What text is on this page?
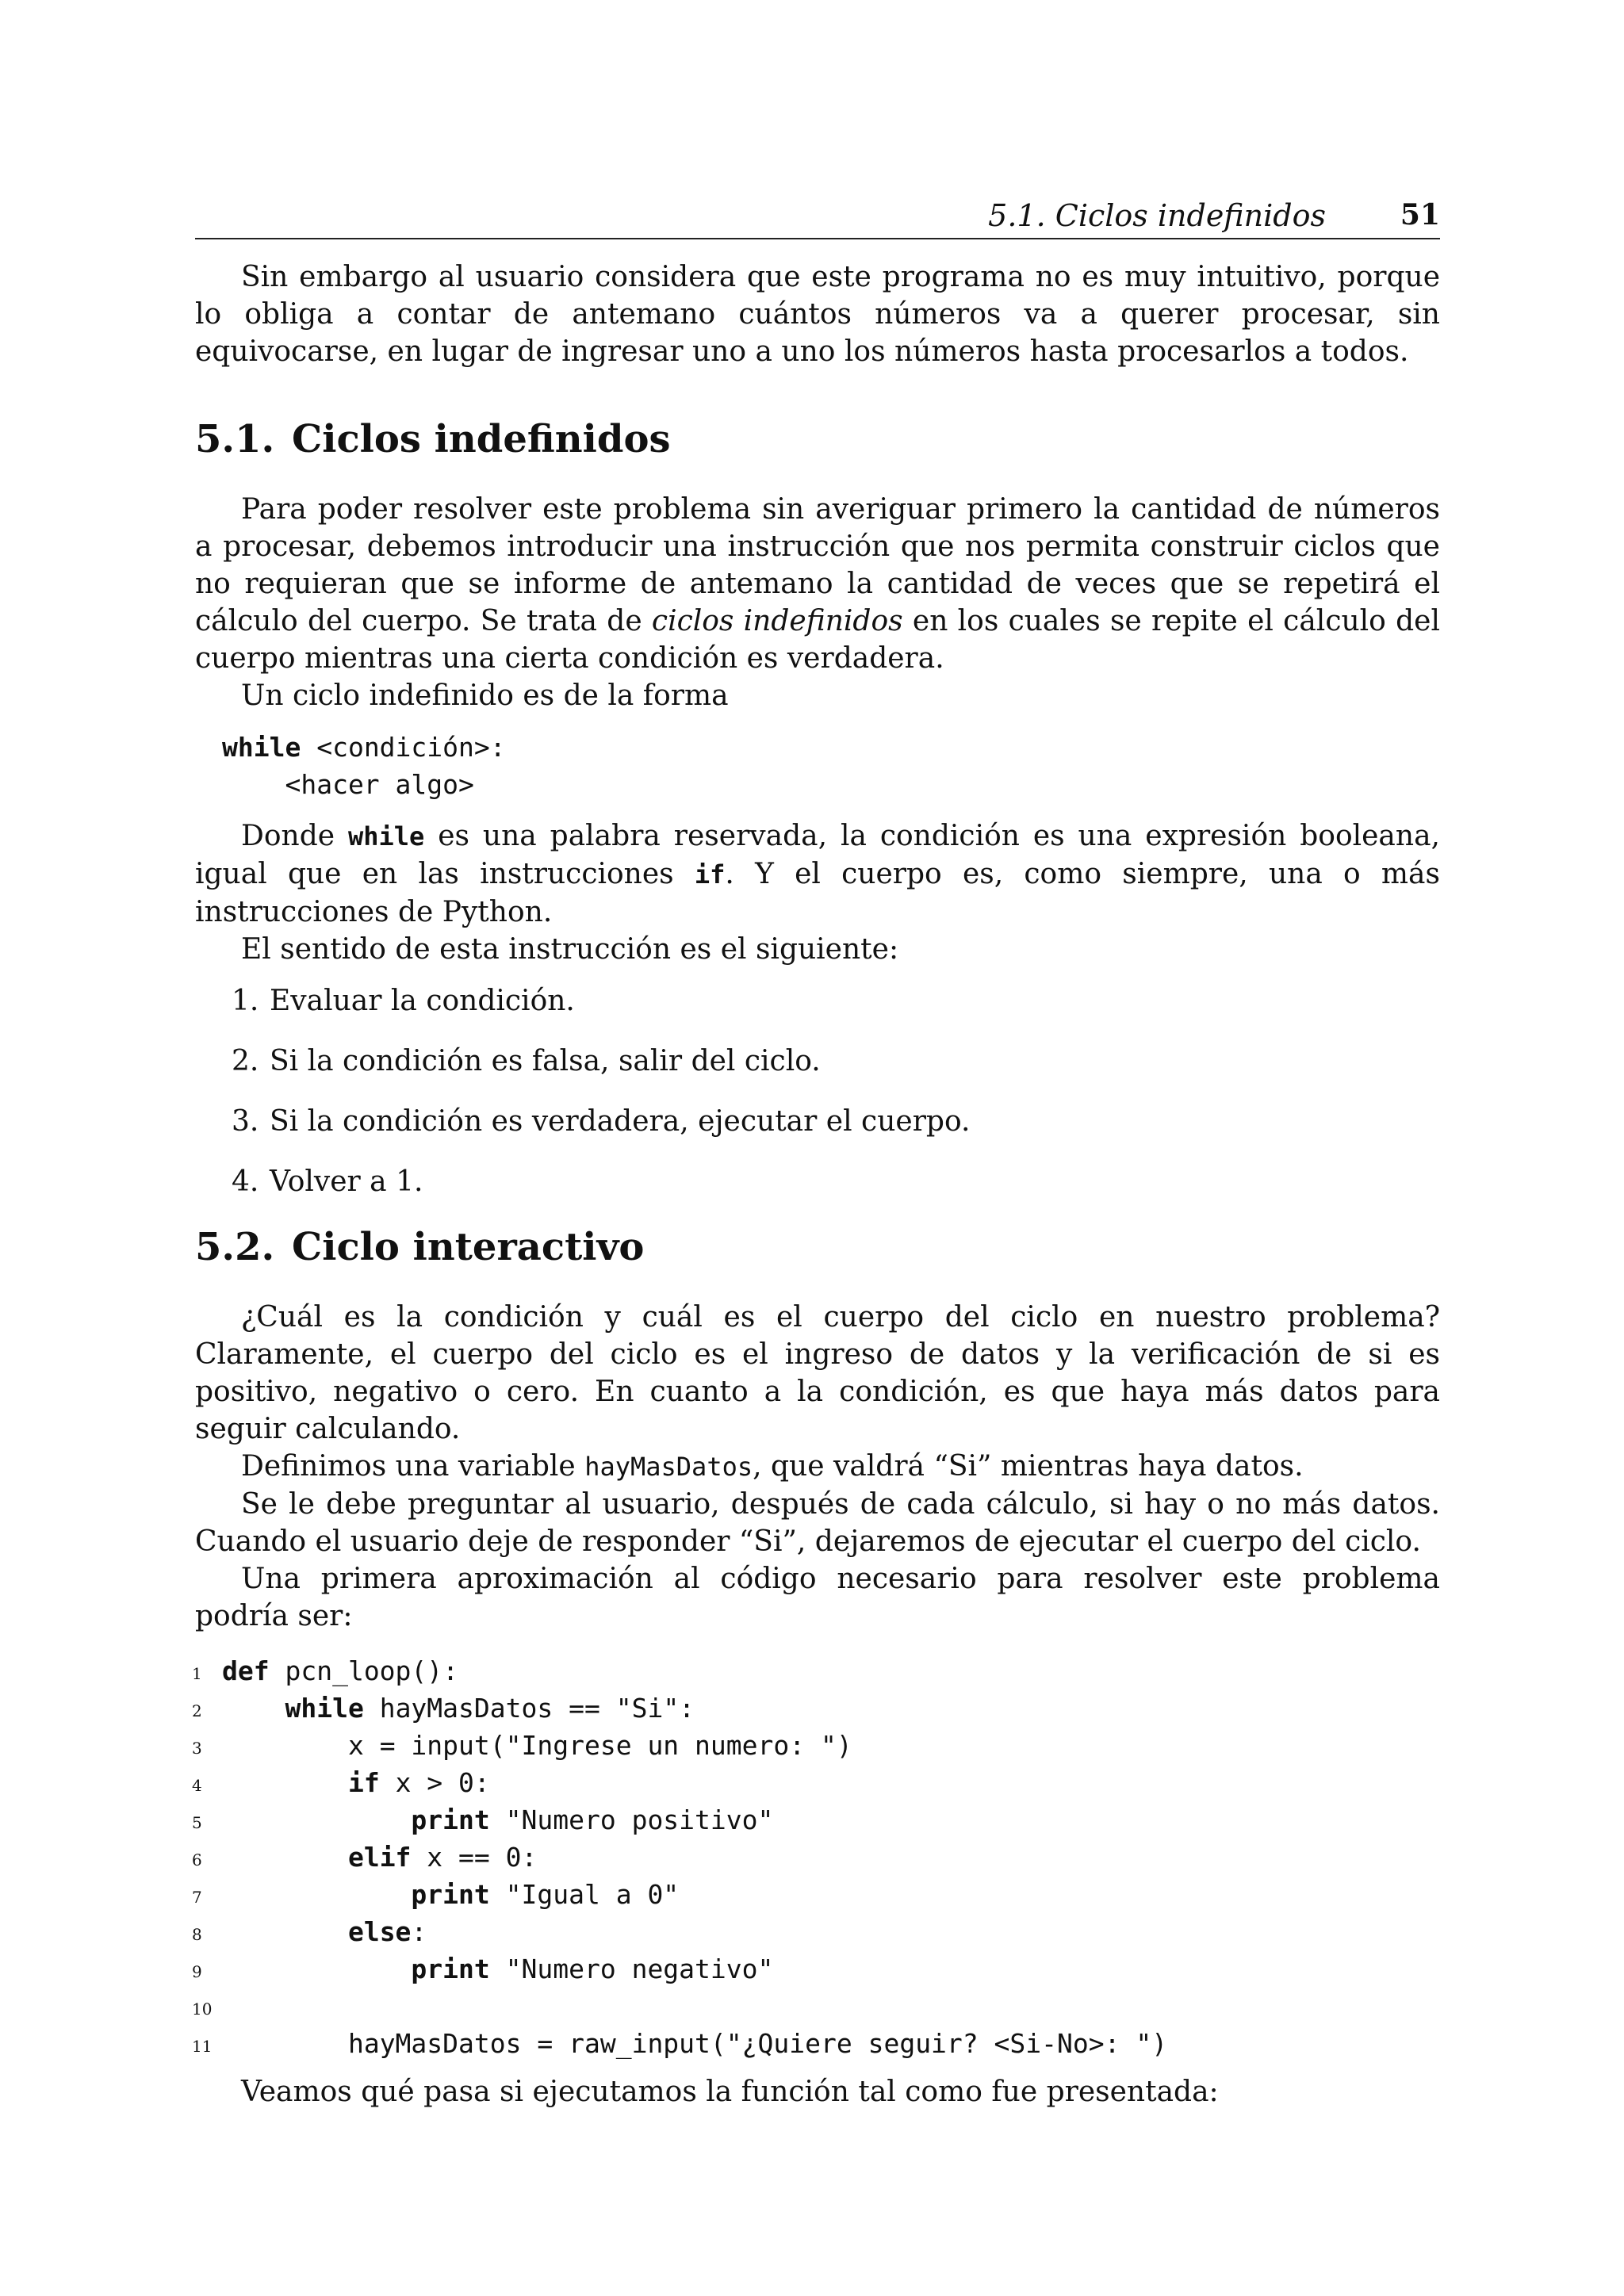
5.1. Ciclos indefinidos	51

Sin embargo al usuario considera que este programa no es muy intuitivo, porque lo obliga a contar de antemano cuántos números va a querer procesar, sin equivocarse, en lugar de ingresar uno a uno los números hasta procesarlos a todos.

5.1. Ciclos indefinidos

Para poder resolver este problema sin averiguar primero la cantidad de números a procesar, debemos introducir una instrucción que nos permita construir ciclos que no requieran que se informe de antemano la cantidad de veces que se repetirá el cálculo del cuerpo. Se trata de ciclos indefinidos en los cuales se repite el cálculo del cuerpo mientras una cierta condición es verdadera.

Un ciclo indefinido es de la forma

while <condición>:
<hacer algo>

Donde while es una palabra reservada, la condición es una expresión booleana, igual que en las instrucciones if. Y el cuerpo es, como siempre, una o más instrucciones de Python.

El sentido de esta instrucción es el siguiente:

1. Evaluar la condición.
2. Si la condición es falsa, salir del ciclo.
3. Si la condición es verdadera, ejecutar el cuerpo.
4. Volver a 1.
5.2. Ciclo interactivo

¿Cuál es la condición y cuál es el cuerpo del ciclo en nuestro problema? Claramente, el cuerpo del ciclo es el ingreso de datos y la verificación de si es positivo, negativo o cero. En cuanto a la condición, es que haya más datos para seguir calculando.

Definimos una variable hayMasDatos, que valdrá “Si” mientras haya datos.

Se le debe preguntar al usuario, después de cada cálculo, si hay o no más datos. Cuando el usuario deje de responder “Si”, dejaremos de ejecutar el cuerpo del ciclo.

Una primera aproximación al código necesario para resolver este problema podría ser:

1 def pcn_loop():
2	while hayMasDatos == "Si":
3	x = input("Ingrese un numero: ")
4	if x > 0:
5	print "Numero positivo"
6	elif x == 0:
7	print "Igual a 0"
8	else:
9	print "Numero negativo"
10
11	hayMasDatos = raw_input("¿Quiere seguir? <Si-No>: ")

Veamos qué pasa si ejecutamos la función tal como fue presentada:
